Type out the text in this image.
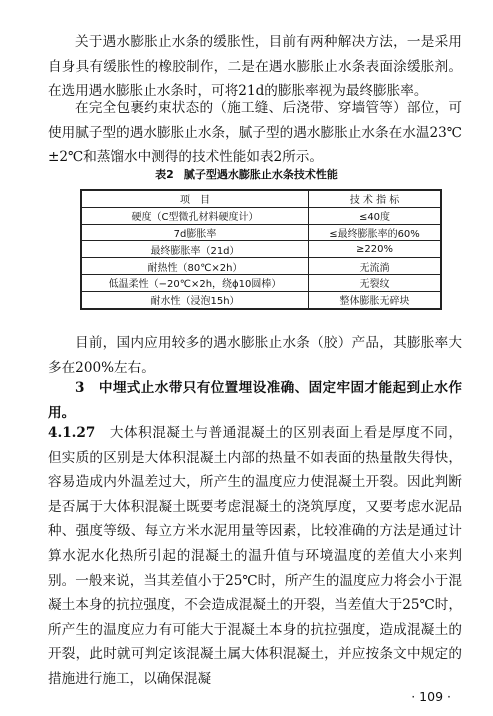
关于遇水膨胀止水条的缓胀性，目前有两种解决方法，一是采用自身具有缓胀性的橡胶制作，二是在遇水膨胀止水条表面涂缓胀剂。在选用遇水膨胀止水条时，可将21d的膨胀率视为最终膨胀率。

在完全包裹约束状态的（施工缝、后浇带、穿墙管等）部位，可使用腻子型的遇水膨胀止水条，腻子型的遇水膨胀止水条在水温23℃±2℃和蒸馏水中测得的技术性能如表2所示。

表2 腻子型遇水膨胀止水条技术性能
项　目	技 术 指 标
硬度（C型微孔材料硬度计）	≤40度
7d膨胀率	≤最终膨胀率的60%
最终膨胀率（21d）	≥220%
耐热性（80℃×2h）	无流淌
低温柔性（−20℃×2h，绕ϕ10圆棒）	无裂纹
耐水性（浸泡15h）	整体膨胀无碎块

目前，国内应用较多的遇水膨胀止水条（胶）产品，其膨胀率大多在200%左右。

3　中埋式止水带只有位置埋设准确、固定牢固才能起到止水作用。

4.1.27　大体积混凝土与普通混凝土的区别表面上看是厚度不同，但实质的区别是大体积混凝土内部的热量不如表面的热量散失得快，容易造成内外温差过大，所产生的温度应力使混凝土开裂。因此判断是否属于大体积混凝土既要考虑混凝土的浇筑厚度，又要考虑水泥品种、强度等级、每立方米水泥用量等因素，比较准确的方法是通过计算水泥水化热所引起的混凝土的温升值与环境温度的差值大小来判别。一般来说，当其差值小于25℃时，所产生的温度应力将会小于混凝土本身的抗拉强度，不会造成混凝土的开裂，当差值大于25℃时，所产生的温度应力有可能大于混凝土本身的抗拉强度，造成混凝土的开裂，此时就可判定该混凝土属大体积混凝土，并应按条文中规定的措施进行施工，以确保混凝

· 109 ·
